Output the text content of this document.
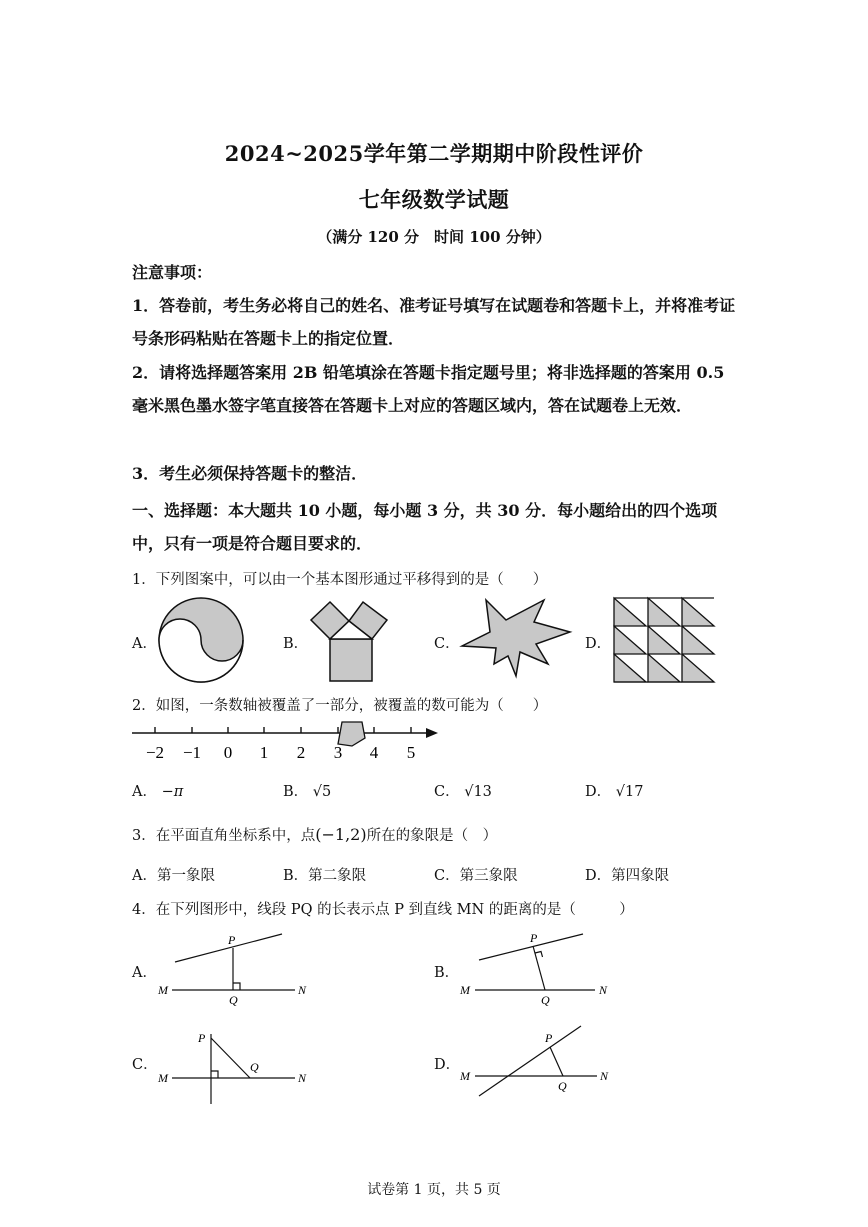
2024~2025学年第二学期期中阶段性评价
七年级数学试题
（满分 120 分　时间 100 分钟）
注意事项：
1．答卷前，考生务必将自己的姓名、准考证号填写在试题卷和答题卡上，并将准考证号条形码粘贴在答题卡上的指定位置．
2．请将选择题答案用 2B 铅笔填涂在答题卡指定题号里；将非选择题的答案用 0.5 毫米黑色墨水签字笔直接答在答题卡上对应的答题区域内，答在试题卷上无效．
3．考生必须保持答题卡的整洁．
一、选择题：本大题共 10 小题，每小题 3 分，共 30 分．每小题给出的四个选项中，只有一项是符合题目要求的．
1．下列图案中，可以由一个基本图形通过平移得到的是（　　）
A．	B．	C．	D．
2．如图，一条数轴被覆盖了一部分，被覆盖的数可能为（　　）
−2 −1 0 1 2 3 4 5
A． −π	B． √5	C． √13	D． √17
3．在平面直角坐标系中，点(−1,2)所在的象限是（　）
A．第一象限	B．第二象限	C．第三象限	D．第四象限
4．在下列图形中，线段 PQ 的长表示点 P 到直线 MN 的距离的是（　　　）
A．
P
Q
M	N
B．
P
Q
M	N
C．
P
Q
M	N
D．
P
Q
M	N
试卷第 1 页，共 5 页
